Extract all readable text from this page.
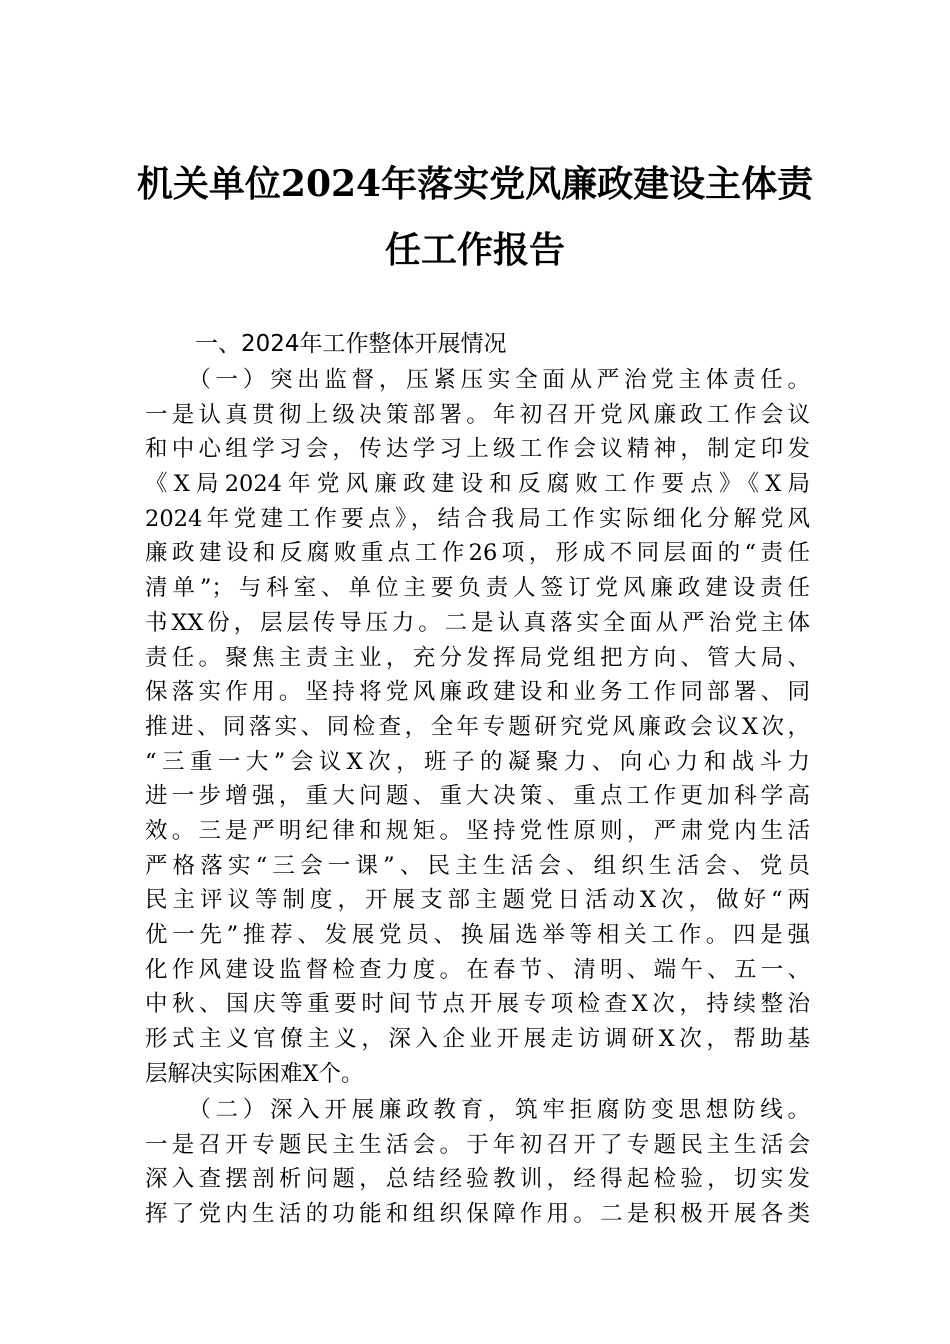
机关单位2024年落实党风廉政建设主体责
任工作报告
一、2024年工作整体开展情况
　　（一）突出监督，压紧压实全面从严治党主体责任。
一是认真贯彻上级决策部署。年初召开党风廉政工作会议
和中心组学习会，传达学习上级工作会议精神，制定印发
《X局2024年党风廉政建设和反腐败工作要点》《X局
2024年党建工作要点》，结合我局工作实际细化分解党风
廉政建设和反腐败重点工作26项，形成不同层面的“责任
清单”；与科室、单位主要负责人签订党风廉政建设责任
书XX份，层层传导压力。二是认真落实全面从严治党主体
责任。聚焦主责主业，充分发挥局党组把方向、管大局、
保落实作用。坚持将党风廉政建设和业务工作同部署、同
推进、同落实、同检查，全年专题研究党风廉政会议X次，
“三重一大”会议X次，班子的凝聚力、向心力和战斗力
进一步增强，重大问题、重大决策、重点工作更加科学高
效。三是严明纪律和规矩。坚持党性原则，严肃党内生活
严格落实“三会一课”、民主生活会、组织生活会、党员
民主评议等制度，开展支部主题党日活动X次，做好“两
优一先”推荐、发展党员、换届选举等相关工作。四是强
化作风建设监督检查力度。在春节、清明、端午、五一、
中秋、国庆等重要时间节点开展专项检查X次，持续整治
形式主义官僚主义，深入企业开展走访调研X次，帮助基
层解决实际困难X个。
　　（二）深入开展廉政教育，筑牢拒腐防变思想防线。
一是召开专题民主生活会。于年初召开了专题民主生活会
深入查摆剖析问题，总结经验教训，经得起检验，切实发
挥了党内生活的功能和组织保障作用。二是积极开展各类
